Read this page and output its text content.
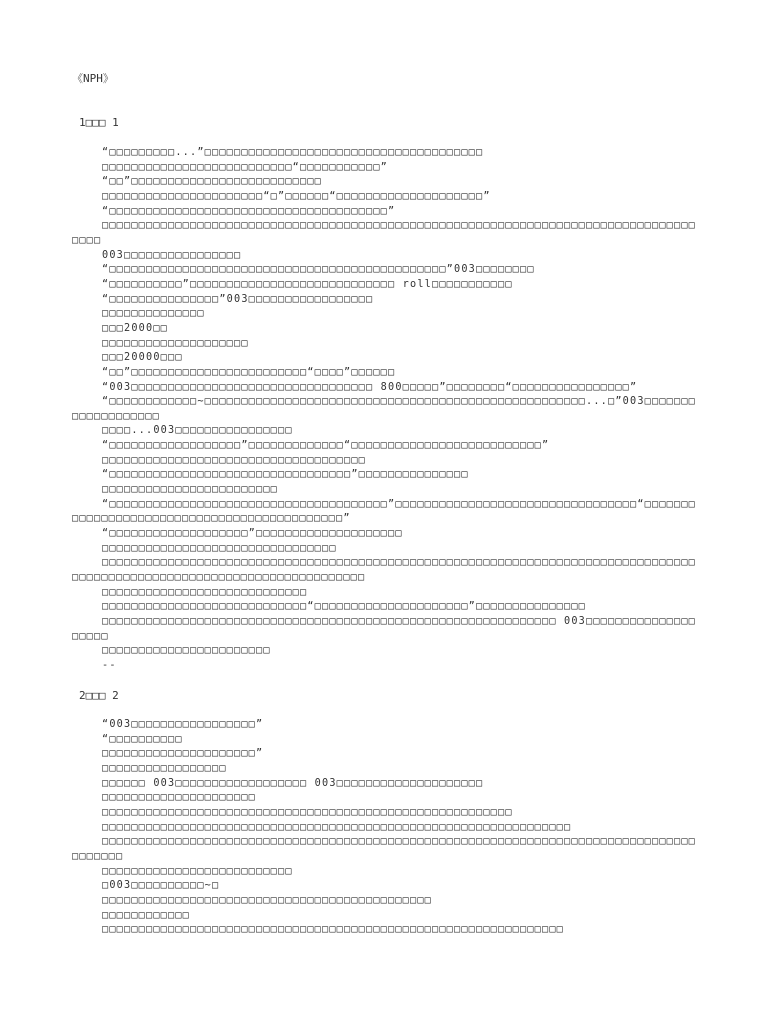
《NPH》
1□□□ 1

“□□□□□□□□□...”□□□□□□□□□□□□□□□□□□□□□□□□□□□□□□□□□□□□□□

□□□□□□□□□□□□□□□□□□□□□□□□□□“□□□□□□□□□□□”

“□□”□□□□□□□□□□□□□□□□□□□□□□□□□□

□□□□□□□□□□□□□□□□□□□□□□“□”□□□□□□“□□□□□□□□□□□□□□□□□□□□”

“□□□□□□□□□□□□□□□□□□□□□□□□□□□□□□□□□□□□□□”

□□□□□□□□□□□□□□□□□□□□□□□□□□□□□□□□□□□□□□□□□□□□□□□□□□□□□□□□□□□□□□□□□□□□□□□□□□□□□□□□□□□□□

003□□□□□□□□□□□□□□□□

“□□□□□□□□□□□□□□□□□□□□□□□□□□□□□□□□□□□□□□□□□□□□□□”003□□□□□□□□

“□□□□□□□□□□”□□□□□□□□□□□□□□□□□□□□□□□□□□□□ roll□□□□□□□□□□□

“□□□□□□□□□□□□□□□”003□□□□□□□□□□□□□□□□□

□□□□□□□□□□□□□□

□□□2000□□

□□□□□□□□□□□□□□□□□□□□

□□□20000□□□

“□□”□□□□□□□□□□□□□□□□□□□□□□□□“□□□□”□□□□□□

“003□□□□□□□□□□□□□□□□□□□□□□□□□□□□□□□□□ 800□□□□□”□□□□□□□□“□□□□□□□□□□□□□□□□”

“□□□□□□□□□□□□~□□□□□□□□□□□□□□□□□□□□□□□□□□□□□□□□□□□□□□□□□□□□□□□□□□□□...□”003□□□□□□□□□□□□□□□□□□□

□□□□...003□□□□□□□□□□□□□□□□

“□□□□□□□□□□□□□□□□□□”□□□□□□□□□□□□□“□□□□□□□□□□□□□□□□□□□□□□□□□□”

□□□□□□□□□□□□□□□□□□□□□□□□□□□□□□□□□□□□

“□□□□□□□□□□□□□□□□□□□□□□□□□□□□□□□□□”□□□□□□□□□□□□□□□

□□□□□□□□□□□□□□□□□□□□□□□□

“□□□□□□□□□□□□□□□□□□□□□□□□□□□□□□□□□□□□□□”□□□□□□□□□□□□□□□□□□□□□□□□□□□□□□□□□“□□□□□□□□□□□□□□□□□□□□□□□□□□□□□□□□□□□□□□□□□□□□”

“□□□□□□□□□□□□□□□□□□□”□□□□□□□□□□□□□□□□□□□□

□□□□□□□□□□□□□□□□□□□□□□□□□□□□□□□□

□□□□□□□□□□□□□□□□□□□□□□□□□□□□□□□□□□□□□□□□□□□□□□□□□□□□□□□□□□□□□□□□□□□□□□□□□□□□□□□□□□□□□□□□□□□□□□□□□□□□□□□□□□□□□□□□□□□□□□□□□

□□□□□□□□□□□□□□□□□□□□□□□□□□□□

□□□□□□□□□□□□□□□□□□□□□□□□□□□□“□□□□□□□□□□□□□□□□□□□□□”□□□□□□□□□□□□□□□

□□□□□□□□□□□□□□□□□□□□□□□□□□□□□□□□□□□□□□□□□□□□□□□□□□□□□□□□□□□□□□ 003□□□□□□□□□□□□□□□□□□□□

□□□□□□□□□□□□□□□□□□□□□□□

--

2□□□ 2

“003□□□□□□□□□□□□□□□□□”

“□□□□□□□□□□

□□□□□□□□□□□□□□□□□□□□□”

□□□□□□□□□□□□□□□□□

□□□□□□ 003□□□□□□□□□□□□□□□□□□ 003□□□□□□□□□□□□□□□□□□□□

□□□□□□□□□□□□□□□□□□□□□

□□□□□□□□□□□□□□□□□□□□□□□□□□□□□□□□□□□□□□□□□□□□□□□□□□□□□□□□

□□□□□□□□□□□□□□□□□□□□□□□□□□□□□□□□□□□□□□□□□□□□□□□□□□□□□□□□□□□□□□□□

□□□□□□□□□□□□□□□□□□□□□□□□□□□□□□□□□□□□□□□□□□□□□□□□□□□□□□□□□□□□□□□□□□□□□□□□□□□□□□□□□□□□□□□□

□□□□□□□□□□□□□□□□□□□□□□□□□□

□003□□□□□□□□□□~□

□□□□□□□□□□□□□□□□□□□□□□□□□□□□□□□□□□□□□□□□□□□□□

□□□□□□□□□□□□

□□□□□□□□□□□□□□□□□□□□□□□□□□□□□□□□□□□□□□□□□□□□□□□□□□□□□□□□□□□□□□□
